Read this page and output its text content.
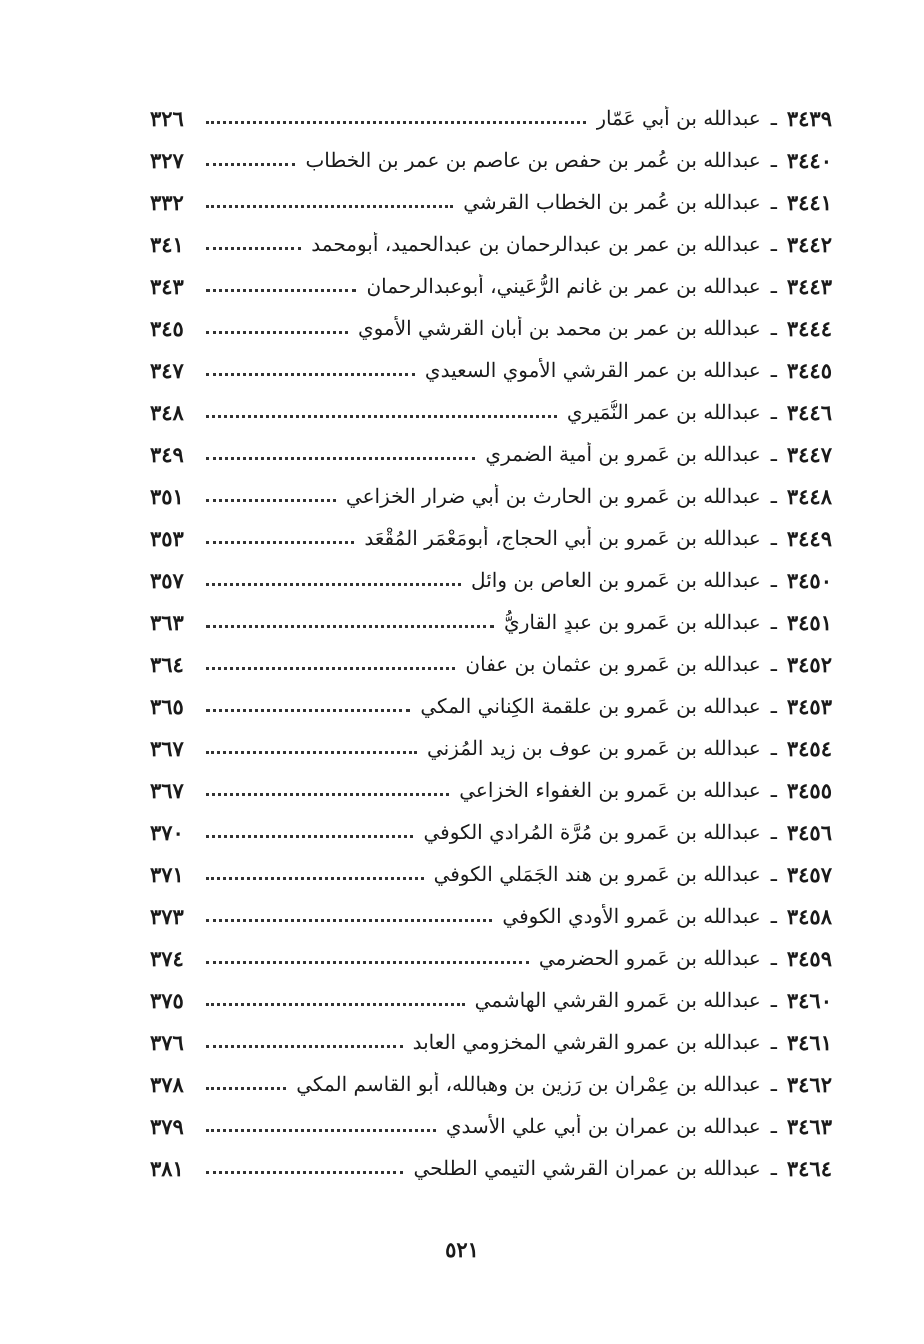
٣٤٣٩
ـ
عبدالله بن أبي عَمّار
٣٢٦
٣٤٤٠
ـ
عبدالله بن عُمر بن حفص بن عاصم بن عمر بن الخطاب
٣٢٧
٣٤٤١
ـ
عبدالله بن عُمر بن الخطاب القرشي
٣٣٢
٣٤٤٢
ـ
عبدالله بن عمر بن عبدالرحمان بن عبدالحميد، أبومحمد
٣٤١
٣٤٤٣
ـ
عبدالله بن عمر بن غانم الرُّعَيني، أبوعبدالرحمان
٣٤٣
٣٤٤٤
ـ
عبدالله بن عمر بن محمد بن أبان القرشي الأموي
٣٤٥
٣٤٤٥
ـ
عبدالله بن عمر القرشي الأموي السعيدي
٣٤٧
٣٤٤٦
ـ
عبدالله بن عمر النُّمَيري
٣٤٨
٣٤٤٧
ـ
عبدالله بن عَمرو بن أمية الضمري
٣٤٩
٣٤٤٨
ـ
عبدالله بن عَمرو بن الحارث بن أبي ضرار الخزاعي
٣٥١
٣٤٤٩
ـ
عبدالله بن عَمرو بن أبي الحجاج، أبومَعْمَر المُقْعَد
٣٥٣
٣٤٥٠
ـ
عبدالله بن عَمرو بن العاص بن وائل
٣٥٧
٣٤٥١
ـ
عبدالله بن عَمرو بن عبدٍ القاريُّ
٣٦٣
٣٤٥٢
ـ
عبدالله بن عَمرو بن عثمان بن عفان
٣٦٤
٣٤٥٣
ـ
عبدالله بن عَمرو بن علقمة الكِناني المكي
٣٦٥
٣٤٥٤
ـ
عبدالله بن عَمرو بن عوف بن زيد المُزني
٣٦٧
٣٤٥٥
ـ
عبدالله بن عَمرو بن الغفواء الخزاعي
٣٦٧
٣٤٥٦
ـ
عبدالله بن عَمرو بن مُرَّة المُرادي الكوفي
٣٧٠
٣٤٥٧
ـ
عبدالله بن عَمرو بن هند الجَمَلي الكوفي
٣٧١
٣٤٥٨
ـ
عبدالله بن عَمرو الأودي الكوفي
٣٧٣
٣٤٥٩
ـ
عبدالله بن عَمرو الحضرمي
٣٧٤
٣٤٦٠
ـ
عبدالله بن عَمرو القرشي الهاشمي
٣٧٥
٣٤٦١
ـ
عبدالله بن عمرو القرشي المخزومي العابد
٣٧٦
٣٤٦٢
ـ
عبدالله بن عِمْران بن رَزين بن وهبالله، أبو القاسم المكي
٣٧٨
٣٤٦٣
ـ
عبدالله بن عمران بن أبي علي الأسدي
٣٧٩
٣٤٦٤
ـ
عبدالله بن عمران القرشي التيمي الطلحي
٣٨١
٥٢١
